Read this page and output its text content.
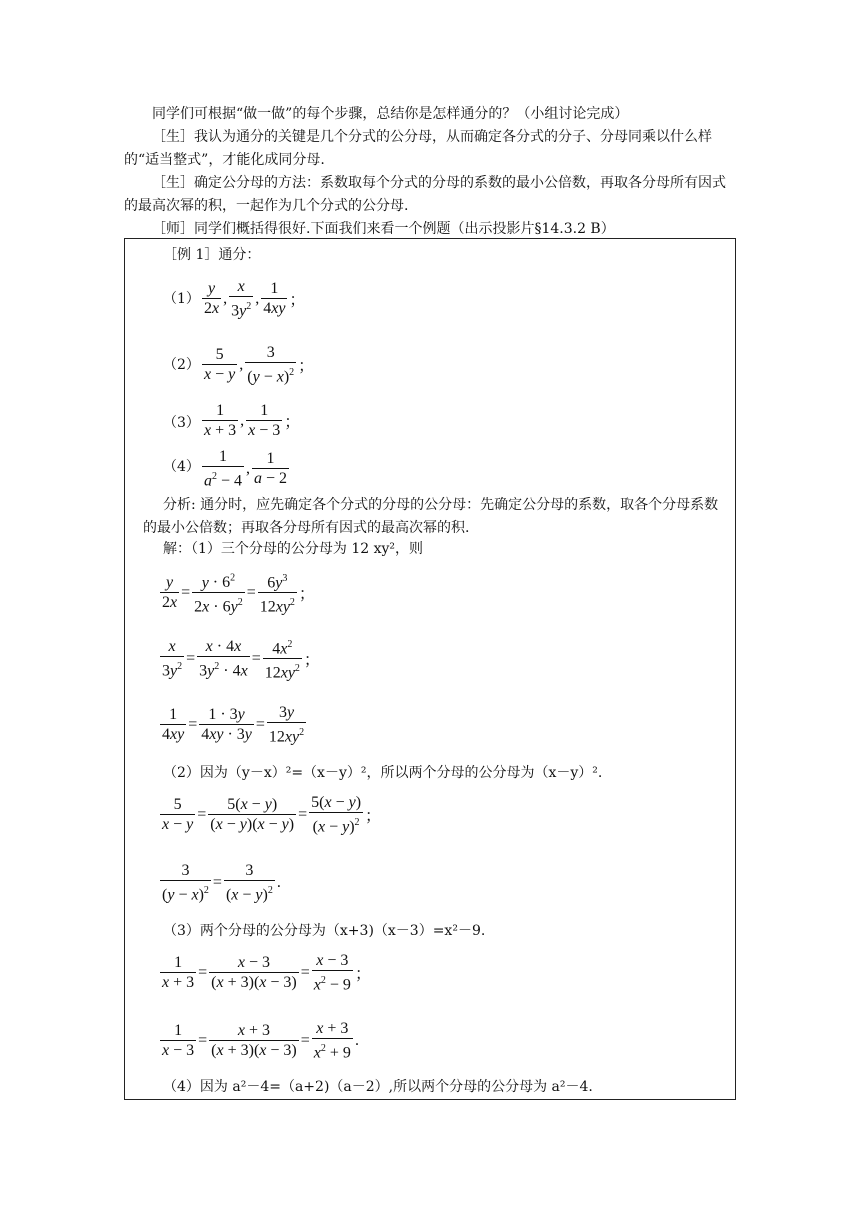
同学们可根据“做一做”的每个步骤，总结你是怎样通分的？（小组讨论完成）

［生］我认为通分的关键是几个分式的公分母，从而确定各分式的分子、分母同乘以什么样的“适当整式”，才能化成同分母.

［生］确定公分母的方法：系数取每个分式的分母的系数的最小公倍数，再取各分母所有因式的最高次幂的积，一起作为几个分式的公分母.

［师］同学们概括得很好.下面我们来看一个例题（出示投影片§14.3.2 B）

［例 1］通分：
$(1) \frac{y}{2x}$ , $\frac{x}{3y^2}$ , $\frac{1}{4xy}$ ；
$(2) \frac{5}{x - y}$ , $\frac{3}{(y - x)^2}$ ；
$(3) \frac{1}{x + 3}$ , $\frac{1}{x - 3}$ ；
$(4) \frac{1}{a^2 - 4}$ , $\frac{1}{a - 2}$
分析: 通分时，应先确定各个分式的分母的公分母：先确定公分母的系数，取各个分母系数的最小公倍数；再取各分母所有因式的最高次幂的积.
解：（1）三个分母的公分母为 12 xy²，则
$\frac{y}{2x} = \frac{y \cdot 6^2}{2x \cdot 6y^2} = \frac{6y^3}{12xy^2}$ ；
$\frac{x}{3y^2} = \frac{x \cdot 4x}{3y^2 \cdot 4x} = \frac{4x^2}{12xy^2}$ ；
$\frac{1}{4xy} = \frac{1 \cdot 3y}{4xy \cdot 3y} = \frac{3y}{12xy^2}$
（2）因为（y－x）²=（x－y）²，所以两个分母的公分母为（x－y）².
$\frac{5}{x - y} = \frac{5(x - y)}{(x - y)(x - y)} = \frac{5(x - y)}{(x - y)^2}$ ；
$\frac{3}{(y - x)^2} = \frac{3}{(x - y)^2}$ .
（3）两个分母的公分母为（x+3)（x－3）=x²－9.
$\frac{1}{x + 3} = \frac{x - 3}{(x + 3)(x - 3)} = \frac{x - 3}{x^2 - 9}$ ；
$\frac{1}{x - 3} = \frac{x + 3}{(x + 3)(x - 3)} = \frac{x + 3}{x^2 + 9}$ .
（4）因为 a²－4=（a+2)（a－2）,所以两个分母的公分母为 a²－4.
